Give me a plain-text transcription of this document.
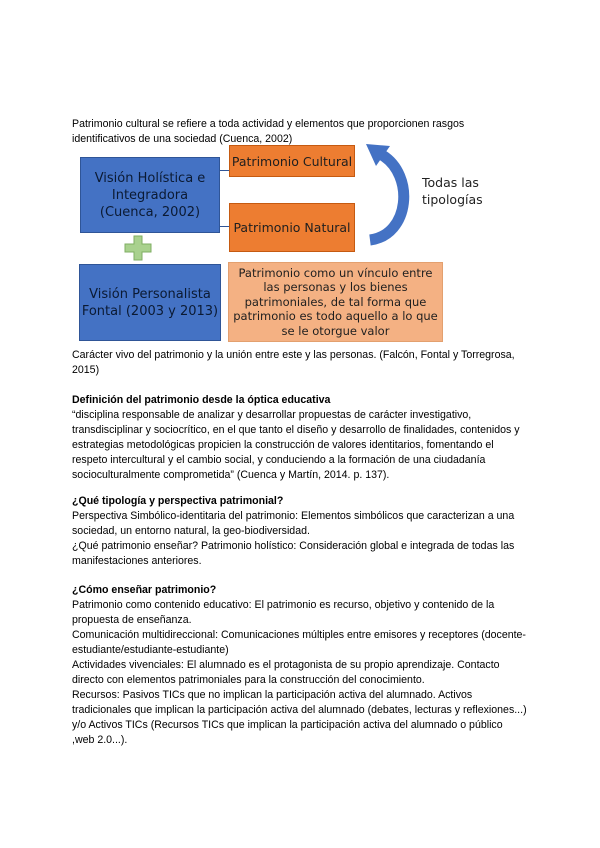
Patrimonio cultural se refiere a toda actividad y elementos que proporcionen rasgos identificativos de una sociedad (Cuenca, 2002)
Visión Holística e Integradora (Cuenca, 2002)
Patrimonio Cultural
Patrimonio Natural
Todas las tipologías
Visión Personalista Fontal (2003 y 2013)
Patrimonio como un vínculo entre las personas y los bienes patrimoniales, de tal forma que patrimonio es todo aquello a lo que se le otorgue valor
Carácter vivo del patrimonio y la unión entre este y las personas. (Falcón, Fontal y Torregrosa, 2015)
Definición del patrimonio desde la óptica educativa
“disciplina responsable de analizar y desarrollar propuestas de carácter investigativo, transdisciplinar y sociocrítico, en el que tanto el diseño y desarrollo de finalidades, contenidos y estrategias metodológicas propicien la construcción de valores identitarios, fomentando el respeto intercultural y el cambio social, y conduciendo a la formación de una ciudadanía socioculturalmente comprometida” (Cuenca y Martín, 2014. p. 137).
¿Qué tipología y perspectiva patrimonial?
Perspectiva Simbólico-identitaria del patrimonio: Elementos simbólicos que caracterizan a una sociedad, un entorno natural, la geo-biodiversidad.
¿Qué patrimonio enseñar? Patrimonio holístico: Consideración global e integrada de todas las manifestaciones anteriores.
¿Cómo enseñar patrimonio?
Patrimonio como contenido educativo: El patrimonio es recurso, objetivo y contenido de la propuesta de enseñanza.
Comunicación multidireccional: Comunicaciones múltiples entre emisores y receptores (docente-estudiante/estudiante-estudiante)
Actividades vivenciales: El alumnado es el protagonista de su propio aprendizaje. Contacto directo con elementos patrimoniales para la construcción del conocimiento.
Recursos: Pasivos TICs que no implican la participación activa del alumnado. Activos tradicionales que implican la participación activa del alumnado (debates, lecturas y reflexiones...) y/o Activos TICs (Recursos TICs que implican la participación activa del alumnado o público ,web 2.0...).
